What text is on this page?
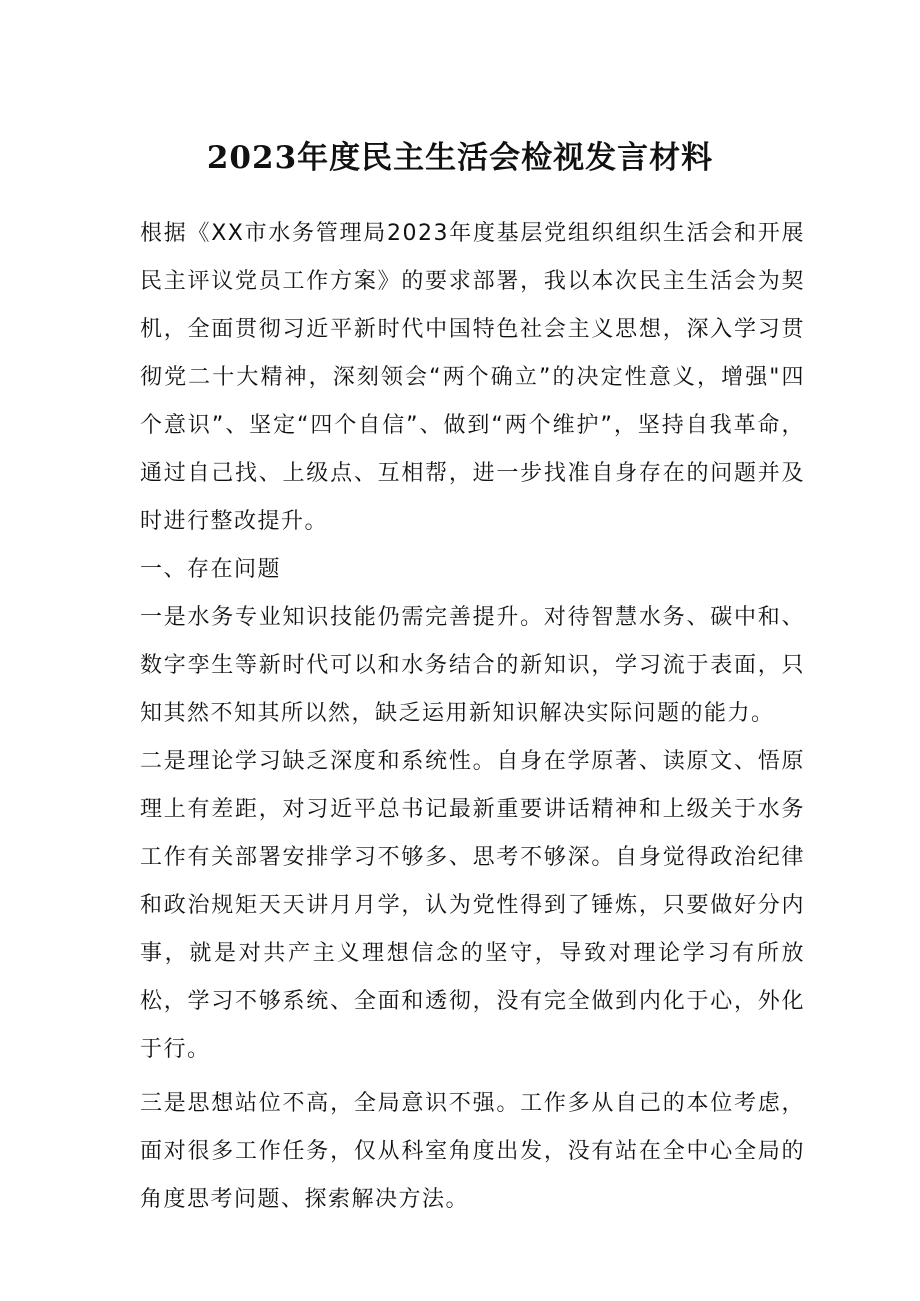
2023年度民主生活会检视发言材料

根据《XX市水务管理局2023年度基层党组织组织生活会和开展民主评议党员工作方案》的要求部署，我以本次民主生活会为契机，全面贯彻习近平新时代中国特色社会主义思想，深入学习贯彻党二十大精神，深刻领会“两个确立”的决定性意义，增强"四个意识”、坚定“四个自信”、做到“两个维护”，坚持自我革命，通过自己找、上级点、互相帮，进一步找准自身存在的问题并及时进行整改提升。

一、存在问题

一是水务专业知识技能仍需完善提升。对待智慧水务、碳中和、数字孪生等新时代可以和水务结合的新知识，学习流于表面，只知其然不知其所以然，缺乏运用新知识解决实际问题的能力。

二是理论学习缺乏深度和系统性。自身在学原著、读原文、悟原理上有差距，对习近平总书记最新重要讲话精神和上级关于水务工作有关部署安排学习不够多、思考不够深。自身觉得政治纪律和政治规矩天天讲月月学，认为党性得到了锤炼，只要做好分内事，就是对共产主义理想信念的坚守，导致对理论学习有所放松，学习不够系统、全面和透彻，没有完全做到内化于心，外化于行。

三是思想站位不高，全局意识不强。工作多从自己的本位考虑，面对很多工作任务，仅从科室角度出发，没有站在全中心全局的角度思考问题、探索解决方法。
